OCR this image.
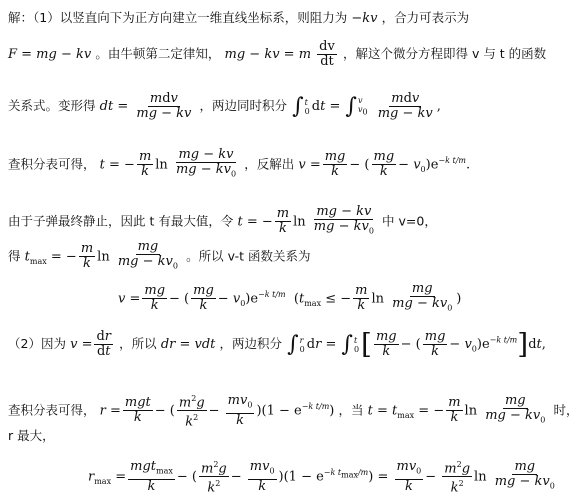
解：（1）以竖直向下为正方向建立一维直线坐标系，则阻力为 −kv ，合力可表示为
F = mg − kv 。由牛顿第二定律知， mg − kv = m $\frac{dv}{dt}$ ，解这个微分方程即得 v 与 t 的函数
关系式。变形得 dt =
mdv
mg − kv
，两边同时积分 ∫ t
0 dt = ∫ v
$v_0$

mdv
mg − kv ,
查积分表可得， t = − $\frac{m}{k}$ $\ln \frac{mg - kv}{mg - kv_0}$ ，反解出 $v = \frac{mg}{k}$ − ( $\frac{mg}{k} - v_0)e^{-k t/m}$.
由于子弹最终静止，因此 t 有最大值，令 t = − $\frac{m}{k}$ $\ln \frac{mg - kv}{mg - kv_0}$ 中 v=0，
得 $t_{max}$ = − $\frac{m}{k}$ $\ln \frac{mg}{mg - kv_0}$ 。所以 v-t 函数关系为
$v = \frac{mg}{k}$ − ( $\frac{mg}{k} - v_0)e^{-k t/m}$  ($t_{max}$ ≤ − $\frac{m}{k}$ $\ln \frac{mg}{mg - kv_0}$ )
（2）因为 $v = \frac{dr}{dt}$ ，所以 dr = vdt ，两边积分 ∫ r
0 dr = ∫ t
0 [ $\frac{mg}{k}$ − ( $\frac{mg}{k} - v_0)e^{-k t/m}]dt$,
查积分表可得， r =
mgt
k − ( $\frac{m^2g}{k^2} - \frac{mv_0}{k} )(1 - e^{-k t/m})$ ，当 $t = t_{max}$ = − $\frac{m}{k}$ $\ln \frac{mg}{mg - kv_0}$ 时，
r 最大，
$r_{max}$ =
mgt$_{max}$
k
− ( $\frac{m^2g}{k^2} - \frac{mv_0}{k} )(1 - e^{-k t_{max}/m}) = \frac{mv_0}{k} - \frac{m^2g}{k^2}$ $\ln \frac{mg}{mg - kv_0}$
